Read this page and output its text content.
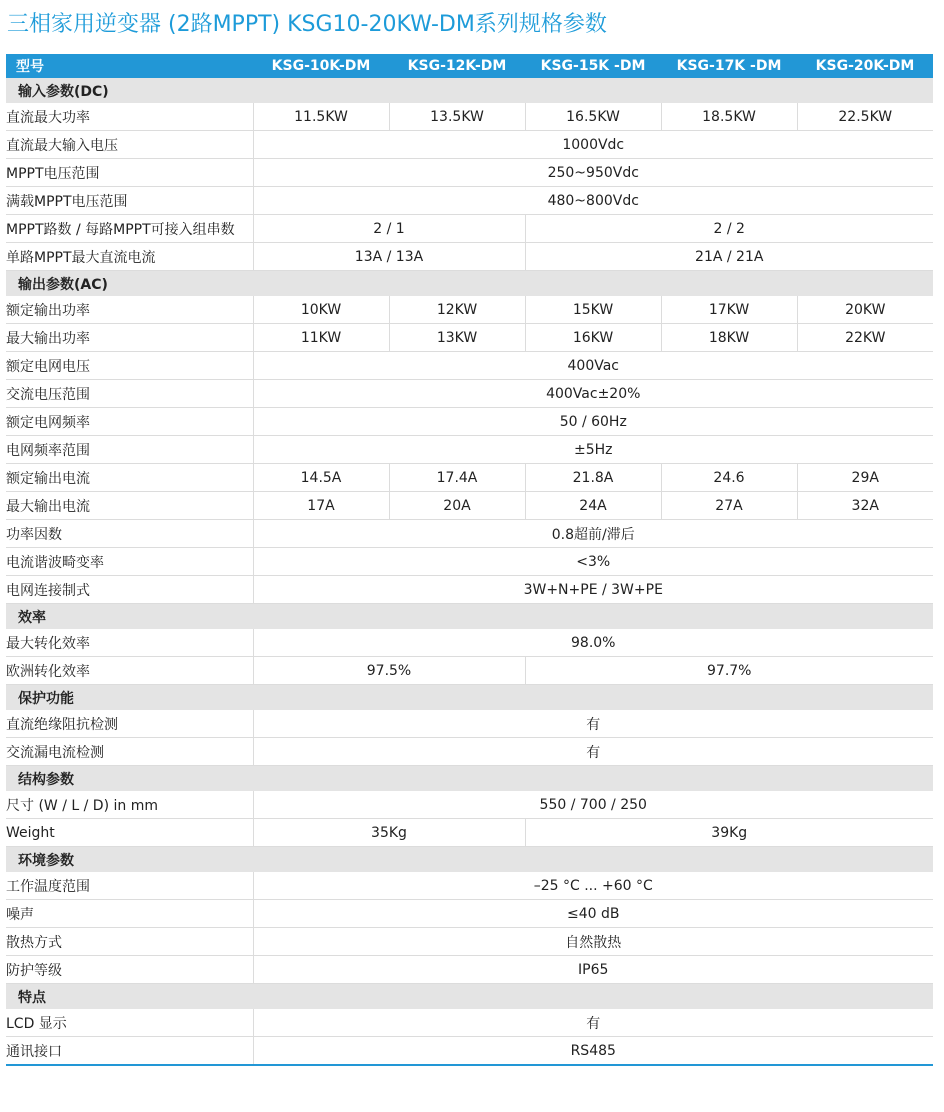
三相家用逆变器 (2路MPPT) KSG10-20KW-DM系列规格参数
型号	KSG-10K-DM	KSG-12K-DM	KSG-15K -DM	KSG-17K -DM	KSG-20K-DM
输入参数(DC)					
直流最大功率	11.5KW	13.5KW	16.5KW	18.5KW	22.5KW
直流最大输入电压	1000Vdc				
MPPT电压范围	250~950Vdc				
满载MPPT电压范围	480~800Vdc				
MPPT路数 / 每路MPPT可接入组串数	2 / 1		2 / 2		
单路MPPT最大直流电流	13A / 13A		21A / 21A		
输出参数(AC)					
额定输出功率	10KW	12KW	15KW	17KW	20KW
最大输出功率	11KW	13KW	16KW	18KW	22KW
额定电网电压	400Vac				
交流电压范围	400Vac±20%				
额定电网频率	50 / 60Hz				
电网频率范围	±5Hz				
额定输出电流	14.5A	17.4A	21.8A	24.6	29A
最大输出电流	17A	20A	24A	27A	32A
功率因数	0.8超前/滞后				
电流谐波畸变率	<3%				
电网连接制式	3W+N+PE / 3W+PE				
效率					
最大转化效率	98.0%				
欧洲转化效率	97.5%		97.7%		
保护功能					
直流绝缘阻抗检测	有				
交流漏电流检测	有				
结构参数					
尺寸 (W / L / D) in mm	550 / 700 / 250				
Weight	35Kg		39Kg		
环境参数					
工作温度范围	–25 °C ... +60 °C				
噪声	≤40 dB				
散热方式	自然散热				
防护等级	IP65				
特点					
LCD 显示	有				
通讯接口	RS485				
